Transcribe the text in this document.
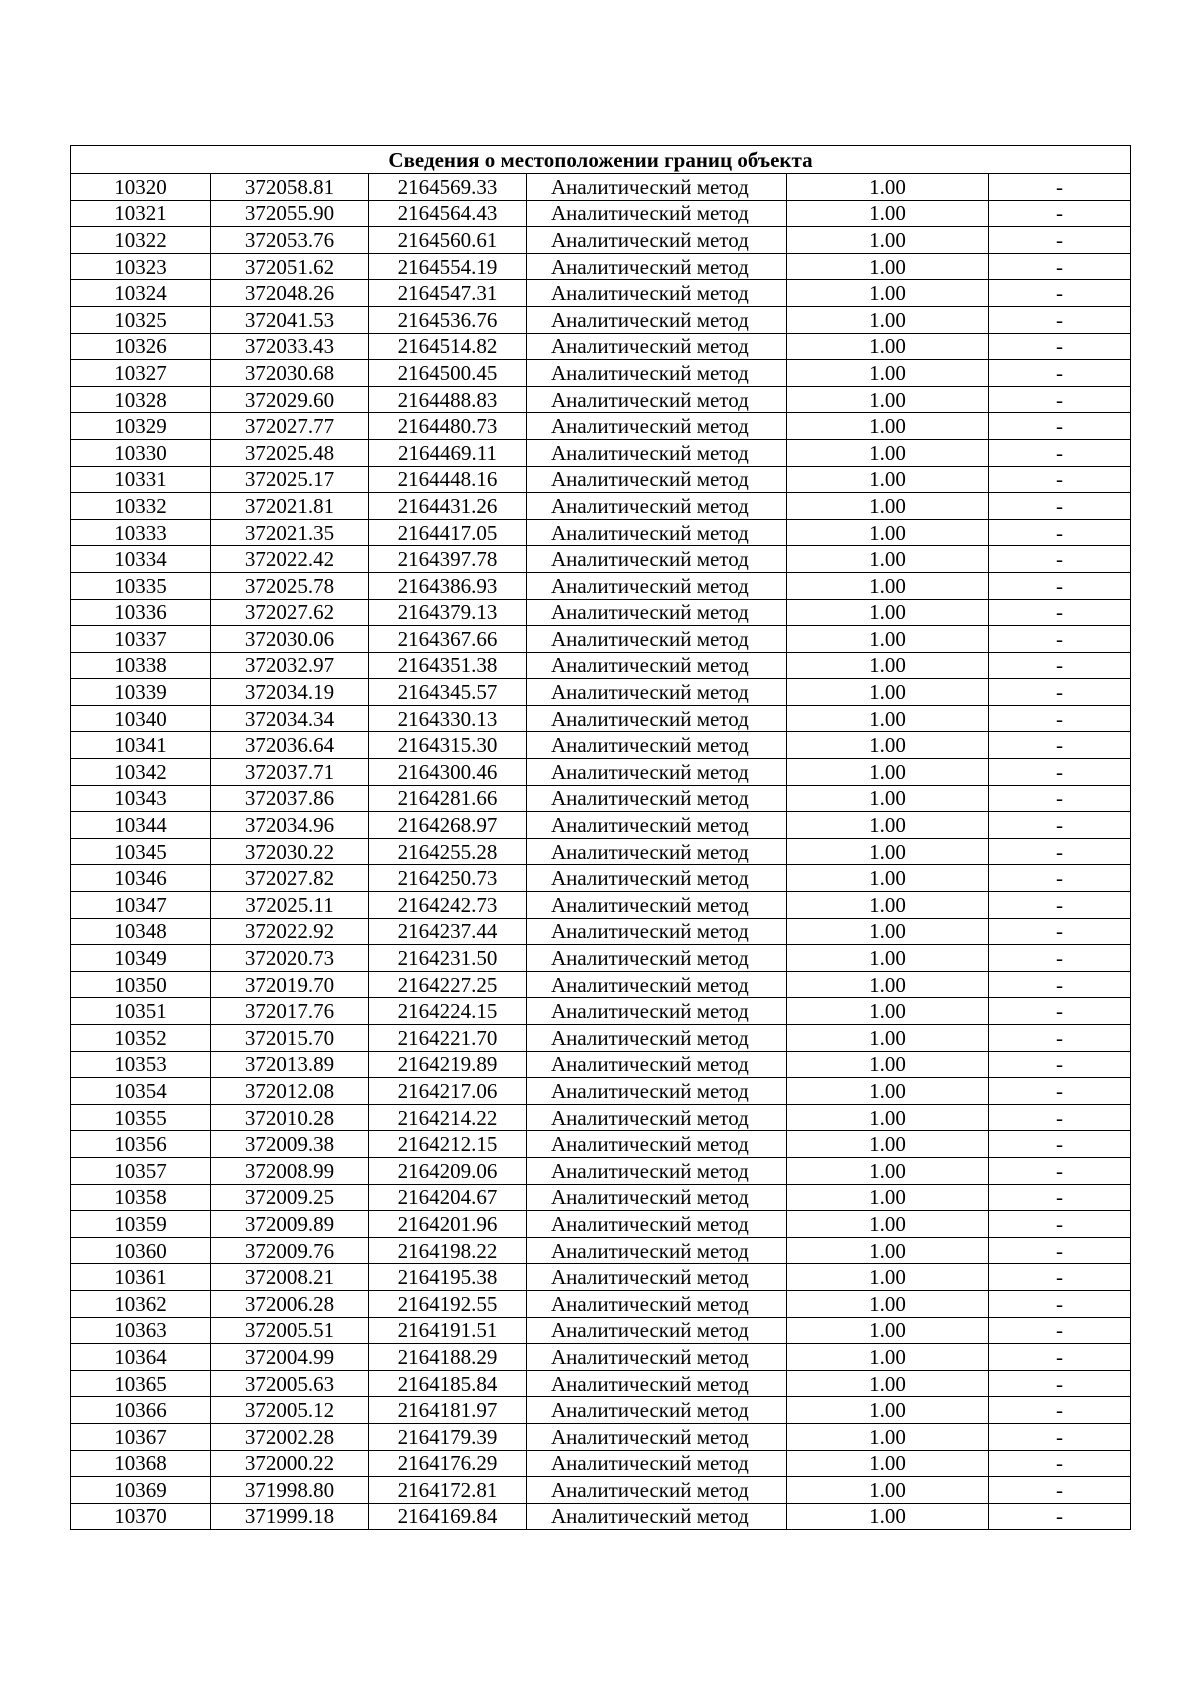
Сведения о местоположении границ объекта					
10320	372058.81	2164569.33	Аналитический метод	1.00	-
10321	372055.90	2164564.43	Аналитический метод	1.00	-
10322	372053.76	2164560.61	Аналитический метод	1.00	-
10323	372051.62	2164554.19	Аналитический метод	1.00	-
10324	372048.26	2164547.31	Аналитический метод	1.00	-
10325	372041.53	2164536.76	Аналитический метод	1.00	-
10326	372033.43	2164514.82	Аналитический метод	1.00	-
10327	372030.68	2164500.45	Аналитический метод	1.00	-
10328	372029.60	2164488.83	Аналитический метод	1.00	-
10329	372027.77	2164480.73	Аналитический метод	1.00	-
10330	372025.48	2164469.11	Аналитический метод	1.00	-
10331	372025.17	2164448.16	Аналитический метод	1.00	-
10332	372021.81	2164431.26	Аналитический метод	1.00	-
10333	372021.35	2164417.05	Аналитический метод	1.00	-
10334	372022.42	2164397.78	Аналитический метод	1.00	-
10335	372025.78	2164386.93	Аналитический метод	1.00	-
10336	372027.62	2164379.13	Аналитический метод	1.00	-
10337	372030.06	2164367.66	Аналитический метод	1.00	-
10338	372032.97	2164351.38	Аналитический метод	1.00	-
10339	372034.19	2164345.57	Аналитический метод	1.00	-
10340	372034.34	2164330.13	Аналитический метод	1.00	-
10341	372036.64	2164315.30	Аналитический метод	1.00	-
10342	372037.71	2164300.46	Аналитический метод	1.00	-
10343	372037.86	2164281.66	Аналитический метод	1.00	-
10344	372034.96	2164268.97	Аналитический метод	1.00	-
10345	372030.22	2164255.28	Аналитический метод	1.00	-
10346	372027.82	2164250.73	Аналитический метод	1.00	-
10347	372025.11	2164242.73	Аналитический метод	1.00	-
10348	372022.92	2164237.44	Аналитический метод	1.00	-
10349	372020.73	2164231.50	Аналитический метод	1.00	-
10350	372019.70	2164227.25	Аналитический метод	1.00	-
10351	372017.76	2164224.15	Аналитический метод	1.00	-
10352	372015.70	2164221.70	Аналитический метод	1.00	-
10353	372013.89	2164219.89	Аналитический метод	1.00	-
10354	372012.08	2164217.06	Аналитический метод	1.00	-
10355	372010.28	2164214.22	Аналитический метод	1.00	-
10356	372009.38	2164212.15	Аналитический метод	1.00	-
10357	372008.99	2164209.06	Аналитический метод	1.00	-
10358	372009.25	2164204.67	Аналитический метод	1.00	-
10359	372009.89	2164201.96	Аналитический метод	1.00	-
10360	372009.76	2164198.22	Аналитический метод	1.00	-
10361	372008.21	2164195.38	Аналитический метод	1.00	-
10362	372006.28	2164192.55	Аналитический метод	1.00	-
10363	372005.51	2164191.51	Аналитический метод	1.00	-
10364	372004.99	2164188.29	Аналитический метод	1.00	-
10365	372005.63	2164185.84	Аналитический метод	1.00	-
10366	372005.12	2164181.97	Аналитический метод	1.00	-
10367	372002.28	2164179.39	Аналитический метод	1.00	-
10368	372000.22	2164176.29	Аналитический метод	1.00	-
10369	371998.80	2164172.81	Аналитический метод	1.00	-
10370	371999.18	2164169.84	Аналитический метод	1.00	-
